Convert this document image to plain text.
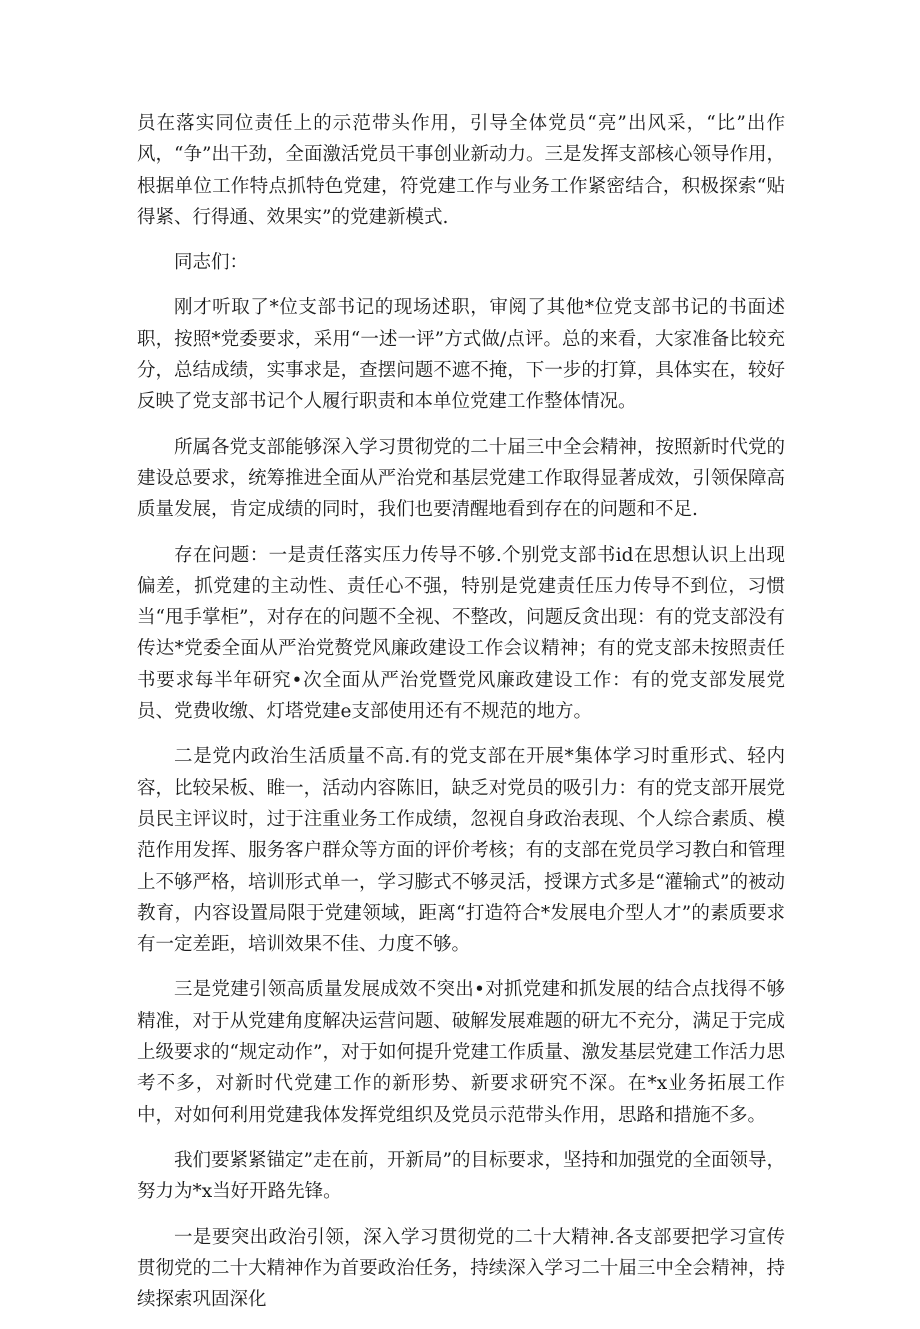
员在落实同位责任上的示范带头作用，引导全体党员“亮”出风采，“比”出作风，“争”出干劲，全面激活党员干事创业新动力。三是发挥支部核心领导作用，根据单位工作特点抓特色党建，符党建工作与业务工作紧密结合，积极探索“贴得紧、行得通、效果实”的党建新模式.

同志们：

刚才听取了*位支部书记的现场述职，审阅了其他*位党支部书记的书面述职，按照*党委要求，采用“一述一评”方式做/点评。总的来看，大家准备比较充分，总结成绩，实事求是，查摆问题不遮不掩，下一步的打算，具体实在，较好反映了党支部书记个人履行职责和本单位党建工作整体情况。

所属各党支部能够深入学习贯彻党的二十届三中全会精神，按照新时代党的建设总要求，统筹推进全面从严治党和基层党建工作取得显著成效，引领保障高质量发展，肯定成绩的同时，我们也要清醒地看到存在的问题和不足.

存在问题：一是责任落实压力传导不够.个别党支部书id在思想认识上出现偏差，抓党建的主动性、责任心不强，特别是党建责任压力传导不到位，习惯当“甩手掌柜”，对存在的问题不全视、不整改，问题反贪出现：有的党支部没有传达*党委全面从严治党赘党风廉政建设工作会议精神；有的党支部未按照责任书要求每半年研究•次全面从严治党暨党风廉政建设工作：有的党支部发展党员、党费收缴、灯塔党建e支部使用还有不规范的地方。

二是党内政治生活质量不高.有的党支部在开展*集体学习时重形式、轻内容，比较呆板、睢一，活动内容陈旧，缺乏对党员的吸引力：有的党支部开展党员民主评议时，过于注重业务工作成绩，忽视自身政治表现、个人综合素质、模范作用发挥、服务客户群众等方面的评价考核；有的支部在党员学习教白和管理上不够严格，培训形式单一，学习膨式不够灵活，授课方式多是“灌输式”的被动教育，内容设置局限于党建领域，距离“打造符合*发展电介型人才”的素质要求有一定差距，培训效果不佳、力度不够。

三是党建引领高质量发展成效不突出•对抓党建和抓发展的结合点找得不够精准，对于从党建角度解决运营问题、破解发展难题的研尢不充分，满足于完成上级要求的“规定动作”，对于如何提升党建工作质量、激发基层党建工作活力思考不多，对新时代党建工作的新形势、新要求研究不深。在*x业务拓展工作中，对如何利用党建我体发挥党组织及党员示范带头作用，思路和措施不多。

我们要紧紧锚定”走在前，开新局”的目标要求，坚持和加强党的全面领导，努力为*x当好开路先锋。

一是要突出政治引领，深入学习贯彻党的二十大精神.各支部要把学习宣传贯彻党的二十大精神作为首要政治任务，持续深入学习二十届三中全会精神，持续探索巩固深化
